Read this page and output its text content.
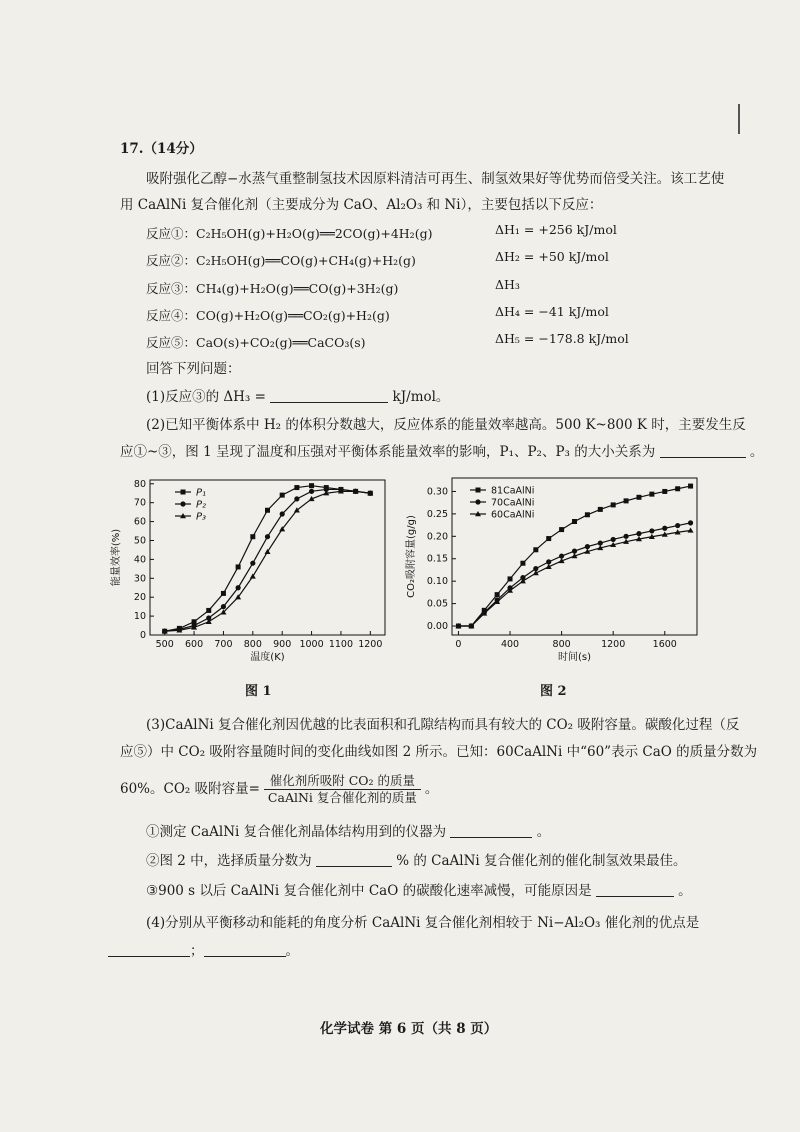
17.（14分）
吸附强化乙醇−水蒸气重整制氢技术因原料清洁可再生、制氢效果好等优势而倍受关注。该工艺使
用 CaAlNi 复合催化剂（主要成分为 CaO、Al₂O₃ 和 Ni），主要包括以下反应：
反应①：C₂H₅OH(g)+H₂O(g)══2CO(g)+4H₂(g)	ΔH₁ = +256 kJ/mol
反应②：C₂H₅OH(g)══CO(g)+CH₄(g)+H₂(g)	ΔH₂ = +50 kJ/mol
反应③：CH₄(g)+H₂O(g)══CO(g)+3H₂(g)	ΔH₃
反应④：CO(g)+H₂O(g)══CO₂(g)+H₂(g)	ΔH₄ = −41 kJ/mol
反应⑤：CaO(s)+CO₂(g)══CaCO₃(s)	ΔH₅ = −178.8 kJ/mol
回答下列问题：
(1)反应③的 ΔH₃ =	kJ/mol。
(2)已知平衡体系中 H₂ 的体积分数越大，反应体系的能量效率越高。500 K~800 K 时，主要发生反
应①~③，图 1 呈现了温度和压强对平衡体系能量效率的影响，P₁、P₂、P₃ 的大小关系为	。
500 600 700 800 900 1000 1100 1200
0
10
20
30
40
50
60
70
80
温度(K)
能量效率(%)
P₁
P₂
P₃
图 1
0	400	800	1200	1600
0.00
0.05
0.10
0.15
0.20
0.25
0.30
时间(s)
CO₂吸附容量(g/g)
81CaAlNi
70CaAlNi
60CaAlNi
图 2
(3)CaAlNi 复合催化剂因优越的比表面积和孔隙结构而具有较大的 CO₂ 吸附容量。碳酸化过程（反
应⑤）中 CO₂ 吸附容量随时间的变化曲线如图 2 所示。已知：60CaAlNi 中“60”表示 CaO 的质量分数为
60%。CO₂ 吸附容量= $\frac{\text{催化剂所吸附 CO₂ 的质量}}{\text{CaAlNi 复合催化剂的质量}}$ 。
①测定 CaAlNi 复合催化剂晶体结构用到的仪器为	。
②图 2 中，选择质量分数为	% 的 CaAlNi 复合催化剂的催化制氢效果最佳。
③900 s 以后 CaAlNi 复合催化剂中 CaO 的碳酸化速率减慢，可能原因是	。
(4)分别从平衡移动和能耗的角度分析 CaAlNi 复合催化剂相较于 Ni−Al₂O₃ 催化剂的优点是
；	。
化学试卷 第 6 页（共 8 页）
